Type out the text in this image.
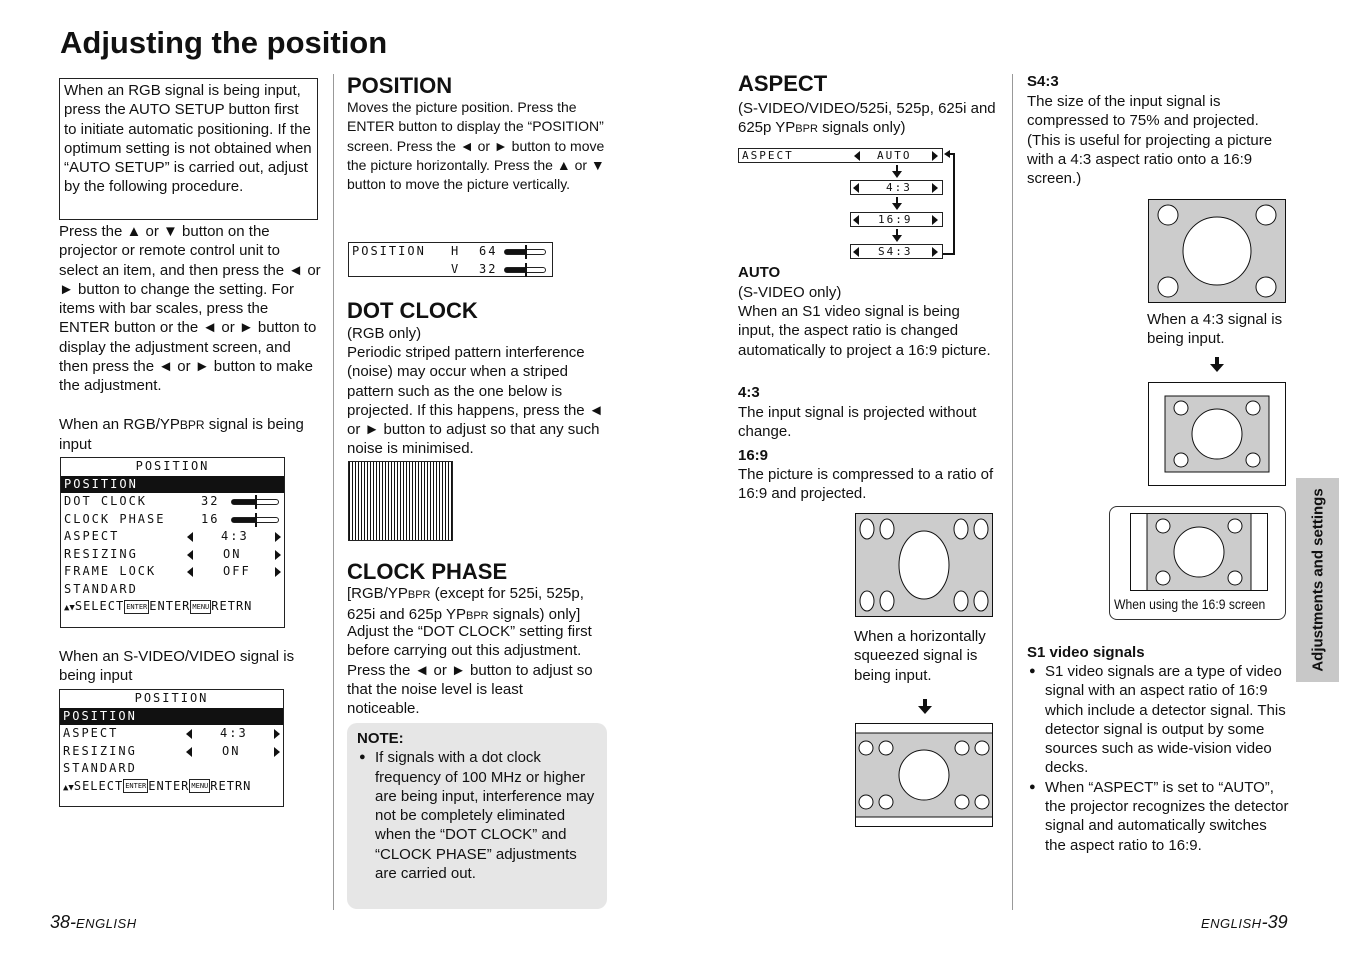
Adjusting the position
When an RGB signal is being input, press the AUTO SETUP button first to initiate automatic positioning. If the optimum setting is not obtained when “AUTO SETUP” is carried out, adjust by the following procedure.
Press the ▲ or ▼ button on the projector or remote control unit to select an item, and then press the ◄ or ► button to change the setting. For items with bar scales, press the ENTER button or the ◄ or ► button to display the adjustment screen, and then press the ◄ or ► button to make the adjustment.
When an RGB/YPBPR signal is being input
POSITION
POSITION
DOT CLOCK	32
CLOCK PHASE	16
ASPECT	4:3
RESIZING	ON
FRAME LOCK	OFF
STANDARD
▲▼SELECT ENTER ENTER MENU RETRN
When an S-VIDEO/VIDEO signal is being input
POSITION
POSITION
ASPECT	4:3
RESIZING	ON
STANDARD
▲▼SELECT ENTER ENTER MENU RETRN
38-ENGLISH
POSITION
Moves the picture position. Press the ENTER button to display the “POSITION” screen. Press the ◄ or ► button to move the picture horizontally. Press the ▲ or ▼ button to move the picture vertically.
POSITION H 64
V 32
DOT CLOCK
(RGB only)
Periodic striped pattern interference (noise) may occur when a striped pattern such as the one below is projected. If this happens, press the ◄ or ► button to adjust so that any such noise is minimised.
CLOCK PHASE
[RGB/YPBPR (except for 525i, 525p, 625i and 625p YPBPR signals) only]
Adjust the “DOT CLOCK” setting first before carrying out this adjustment. Press the ◄ or ► button to adjust so that the noise level is least noticeable.
NOTE:
● If signals with a dot clock frequency of 100 MHz or higher are being input, interference may not be completely eliminated when the “DOT CLOCK” and “CLOCK PHASE” adjustments are carried out.
ASPECT
(S-VIDEO/VIDEO/525i, 525p, 625i and 625p YPBPR signals only)
ASPECT	AUTO
4:3
16:9
S4:3
AUTO
(S-VIDEO only)
When an S1 video signal is being input, the aspect ratio is changed automatically to project a 16:9 picture.
4:3
The input signal is projected without change.
16:9
The picture is compressed to a ratio of 16:9 and projected.
When a horizontally squeezed signal is being input.
S4:3
The size of the input signal is compressed to 75% and projected. (This is useful for projecting a picture with a 4:3 aspect ratio onto a 16:9 screen.)
When a 4:3 signal is being input.
When using the 16:9 screen
S1 video signals
● S1 video signals are a type of video signal with an aspect ratio of 16:9 which include a detector signal. This detector signal is output by some sources such as wide-vision video decks.
● When “ASPECT” is set to “AUTO”, the projector recognizes the detector signal and automatically switches the aspect ratio to 16:9.
Adjustments and settings
ENGLISH-39
